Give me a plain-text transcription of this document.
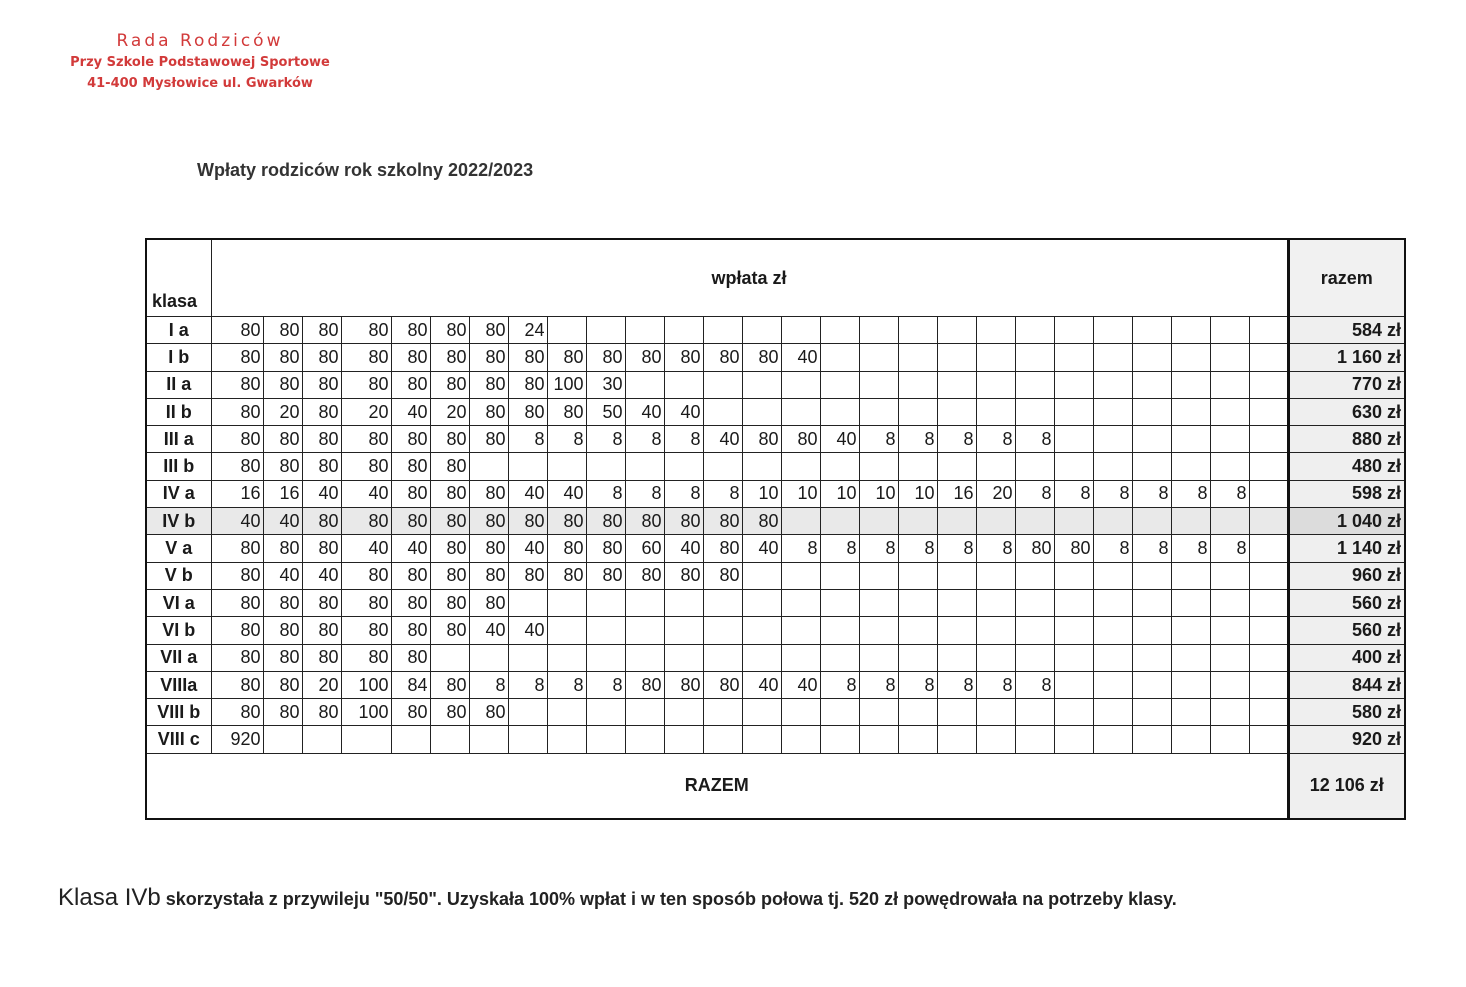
Rada Rodziców
Przy Szkole Podstawowej Sportowe
41-400 Mysłowice ul. Gwarków
Wpłaty rodziców rok szkolny 2022/2023
klasa	wpłata zł																											razem
I a	80	80	80	80	80	80	80	24																				584 zł
I b	80	80	80	80	80	80	80	80	80	80	80	80	80	80	40													1 160 zł
II a	80	80	80	80	80	80	80	80	100	30																		770 zł
II b	80	20	80	20	40	20	80	80	80	50	40	40																630 zł
III a	80	80	80	80	80	80	80	8	8	8	8	8	40	80	80	40	8	8	8	8	8							880 zł
III b	80	80	80	80	80	80																						480 zł
IV a	16	16	40	40	80	80	80	40	40	8	8	8	8	10	10	10	10	10	16	20	8	8	8	8	8	8		598 zł
IV b	40	40	80	80	80	80	80	80	80	80	80	80	80	80														1 040 zł
V a	80	80	80	40	40	80	80	40	80	80	60	40	80	40	8	8	8	8	8	8	80	80	8	8	8	8		1 140 zł
V b	80	40	40	80	80	80	80	80	80	80	80	80	80															960 zł
VI a	80	80	80	80	80	80	80																					560 zł
VI b	80	80	80	80	80	80	40	40																				560 zł
VII a	80	80	80	80	80																							400 zł
VIIIa	80	80	20	100	84	80	8	8	8	8	80	80	80	40	40	8	8	8	8	8	8							844 zł
VIII b	80	80	80	100	80	80	80																					580 zł
VIII c	920																											920 zł
RAZEM																												12 106 zł
Klasa IVb skorzystała z przywileju "50/50". Uzyskała 100% wpłat i w ten sposób połowa tj. 520 zł powędrowała na potrzeby klasy.
